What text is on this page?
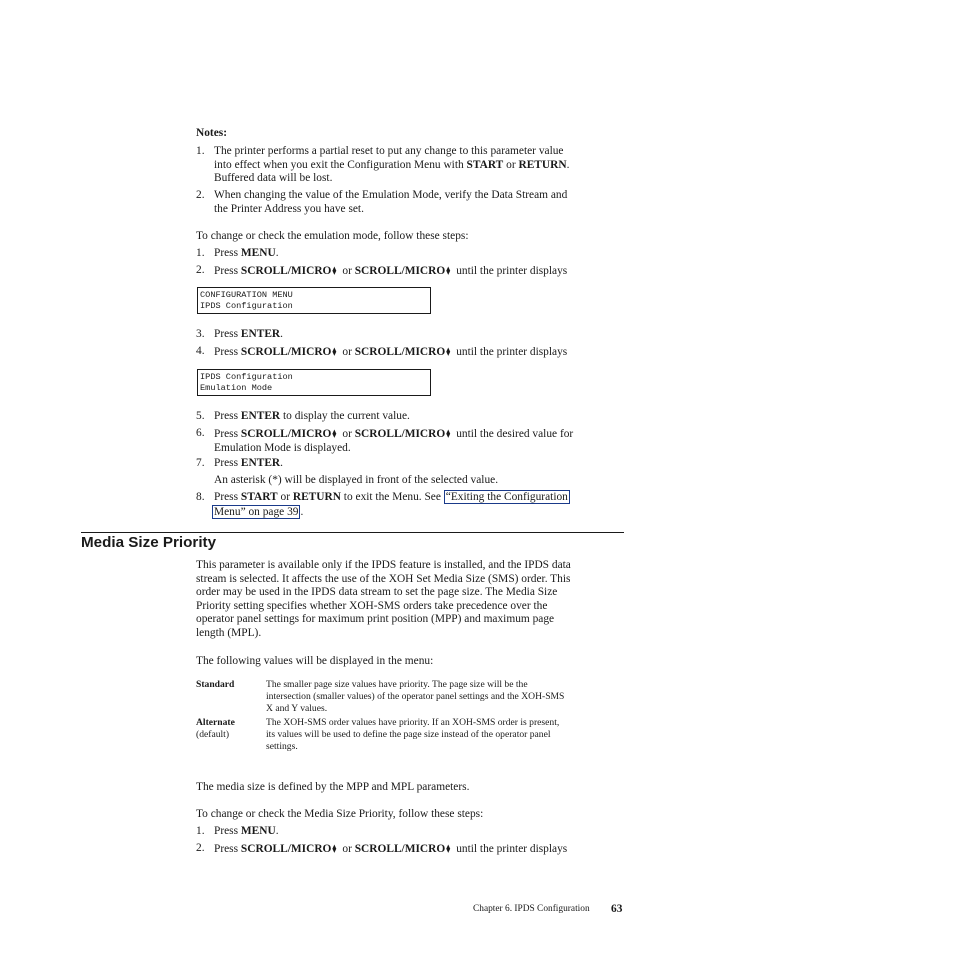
Notes:
1. The printer performs a partial reset to put any change to this parameter value
into effect when you exit the Configuration Menu with START or RETURN.
Buffered data will be lost.
2. When changing the value of the Emulation Mode, verify the Data Stream and
the Printer Address you have set.
To change or check the emulation mode, follow these steps:
1. Press MENU.
2. Press SCROLL/MICRO⧫ or SCROLL/MICRO⧫ until the printer displays
CONFIGURATION MENU
IPDS Configuration
3. Press ENTER.
4. Press SCROLL/MICRO⧫ or SCROLL/MICRO⧫ until the printer displays
IPDS Configuration
Emulation Mode
5. Press ENTER to display the current value.
6. Press SCROLL/MICRO⧫ or SCROLL/MICRO⧫ until the desired value for
Emulation Mode is displayed.
7. Press ENTER.
An asterisk (*) will be displayed in front of the selected value.
8. Press START or RETURN to exit the Menu. See “Exiting the Configuration
Menu” on page 39 .
Media Size Priority
This parameter is available only if the IPDS feature is installed, and the IPDS data
stream is selected. It affects the use of the XOH Set Media Size (SMS) order. This
order may be used in the IPDS data stream to set the page size. The Media Size
Priority setting specifies whether XOH-SMS orders take precedence over the
operator panel settings for maximum print position (MPP) and maximum page
length (MPL).
The following values will be displayed in the menu:
Standard	The smaller page size values have priority. The page size will be the
intersection (smaller values) of the operator panel settings and the XOH-SMS
X and Y values.
Alternate
(default)
The XOH-SMS order values have priority. If an XOH-SMS order is present,
its values will be used to define the page size instead of the operator panel
settings.
The media size is defined by the MPP and MPL parameters.
To change or check the Media Size Priority, follow these steps:
1. Press MENU.
2. Press SCROLL/MICRO⧫ or SCROLL/MICRO⧫ until the printer displays
Chapter 6. IPDS Configuration 63
